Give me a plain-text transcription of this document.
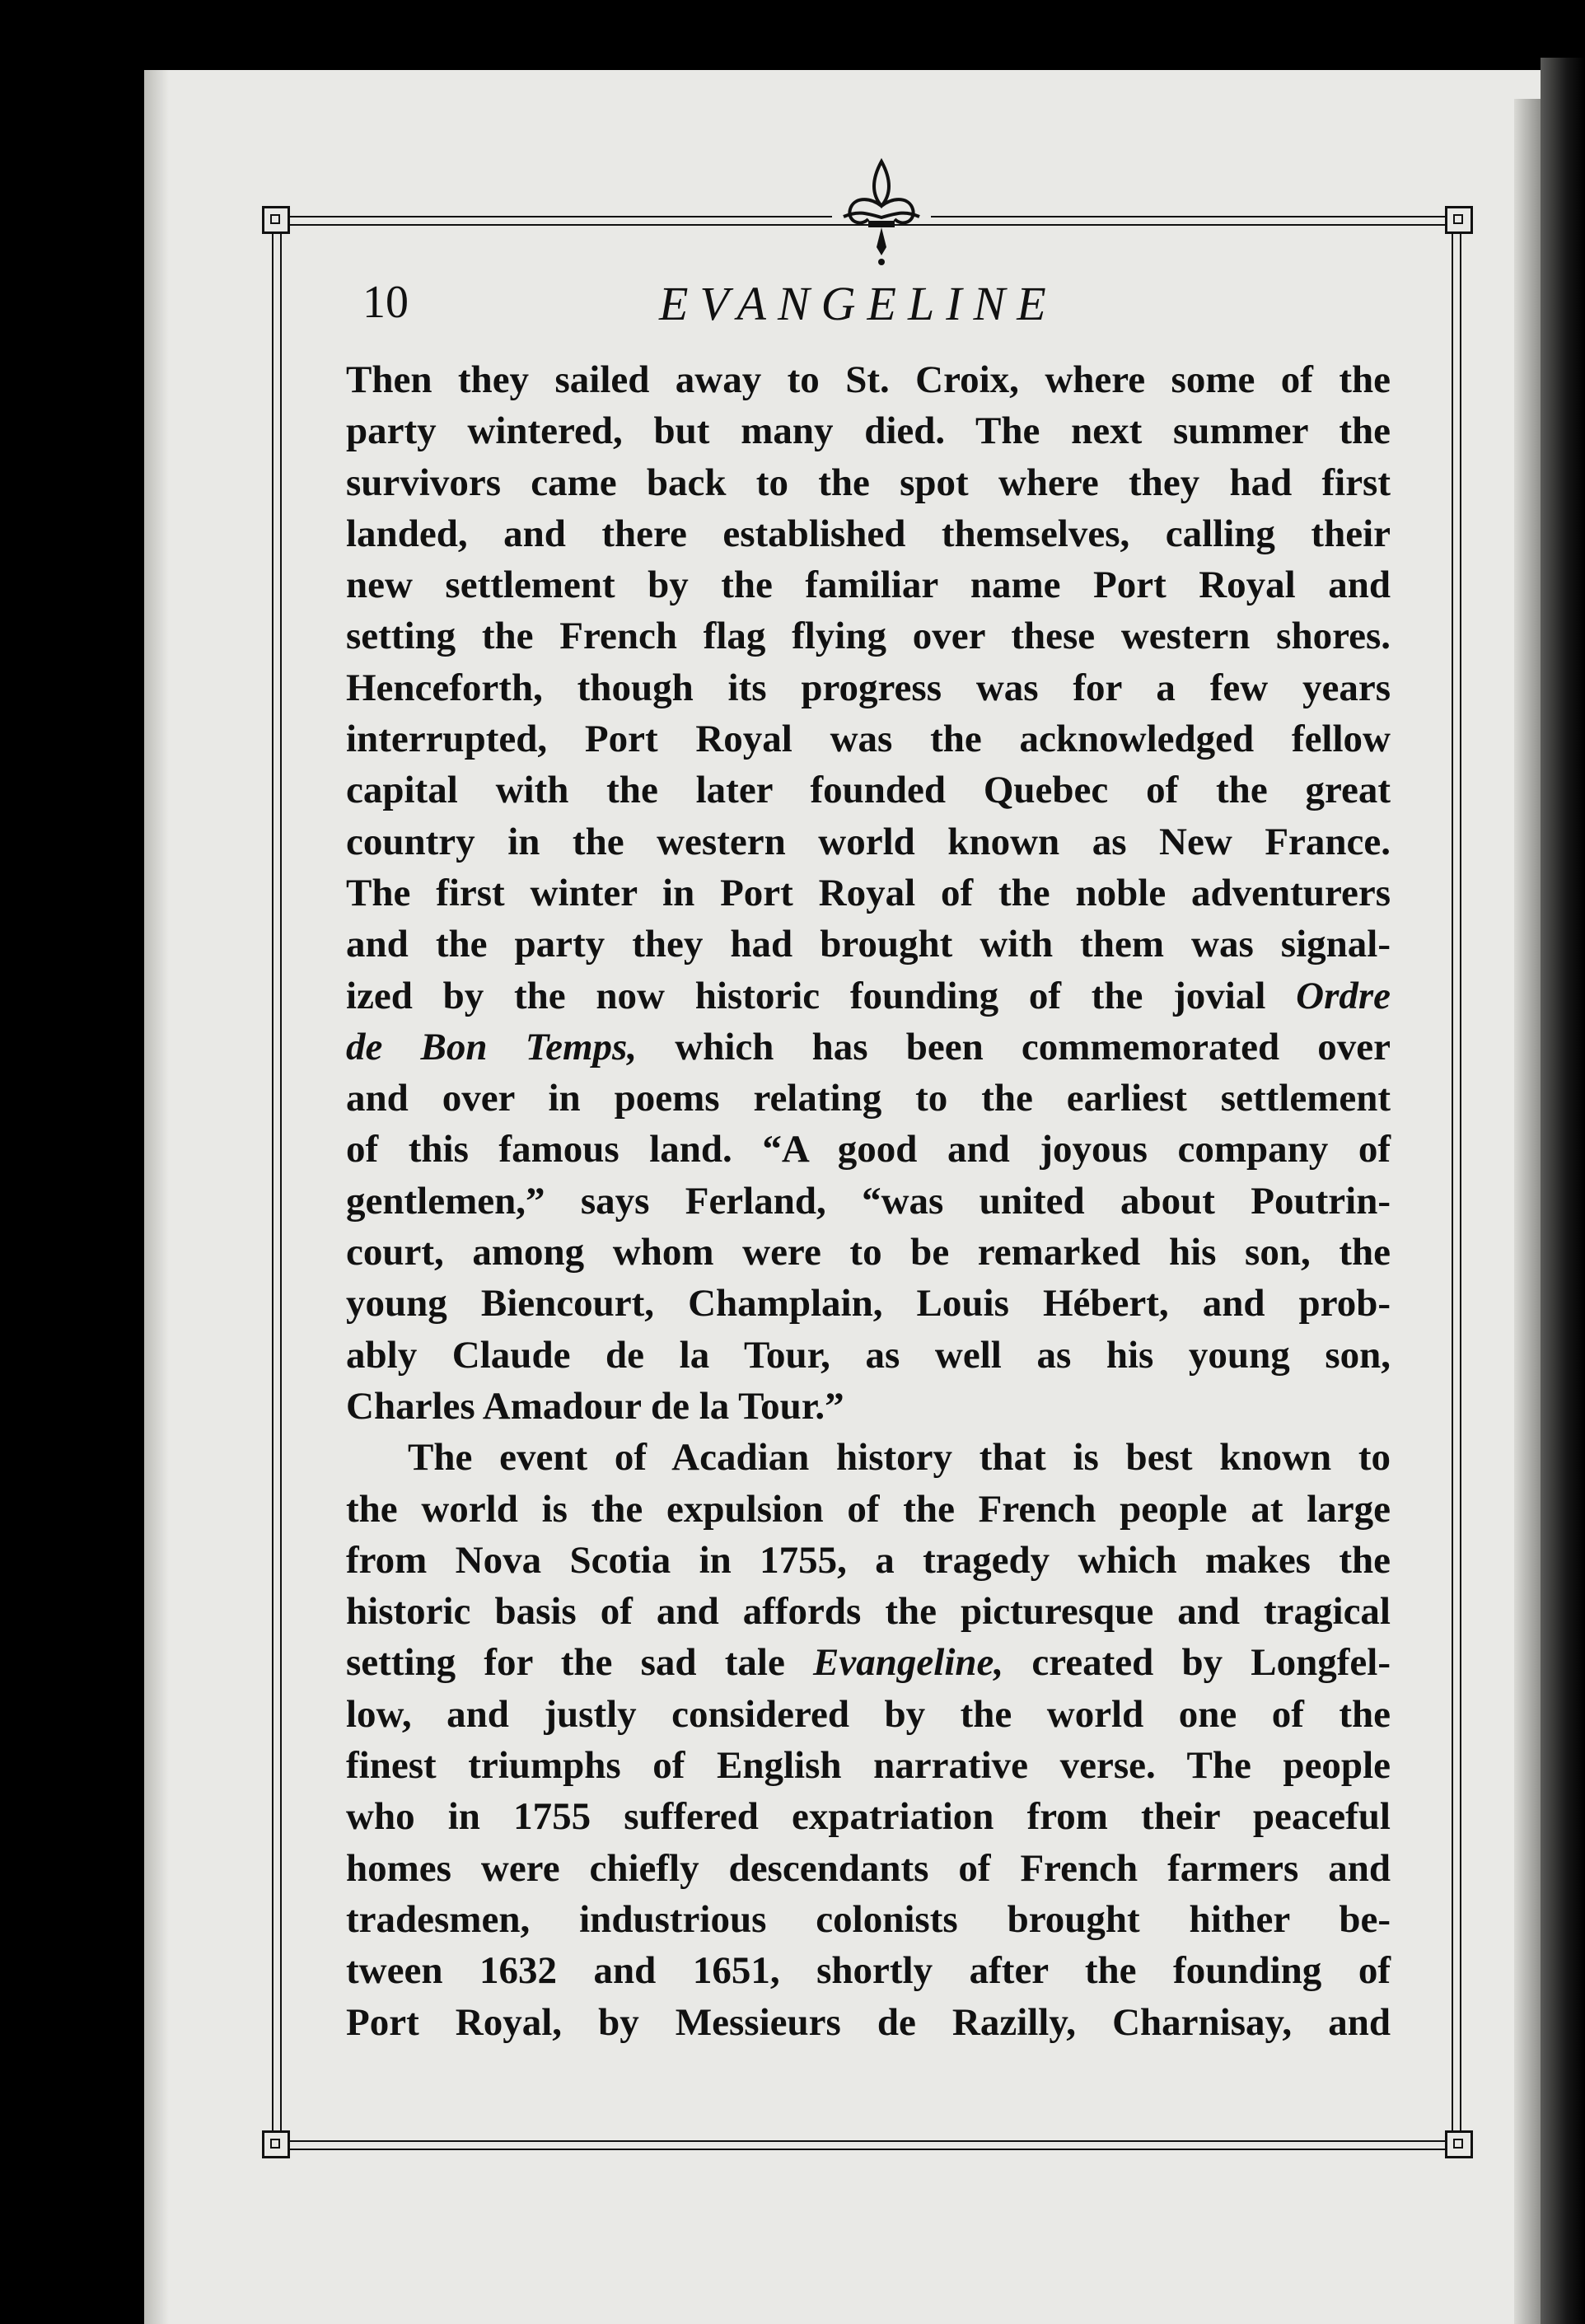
10	EVANGELINE
Then they sailed away to St. Croix, where some of the
party wintered, but many died. The next summer the
survivors came back to the spot where they had first
landed, and there established themselves, calling their
new settlement by the familiar name Port Royal and
setting the French flag flying over these western shores.
Henceforth, though its progress was for a few years
interrupted, Port Royal was the acknowledged fellow
capital with the later founded Quebec of the great
country in the western world known as New France.
The first winter in Port Royal of the noble adventurers
and the party they had brought with them was signal-
ized by the now historic founding of the jovial Ordre
de Bon Temps, which has been commemorated over
and over in poems relating to the earliest settlement
of this famous land. “A good and joyous company of
gentlemen,” says Ferland, “was united about Poutrin-
court, among whom were to be remarked his son, the
young Biencourt, Champlain, Louis Hébert, and prob-
ably Claude de la Tour, as well as his young son,
Charles Amadour de la Tour.”
The event of Acadian history that is best known to
the world is the expulsion of the French people at large
from Nova Scotia in 1755, a tragedy which makes the
historic basis of and affords the picturesque and tragical
setting for the sad tale Evangeline, created by Longfel-
low, and justly considered by the world one of the
finest triumphs of English narrative verse. The people
who in 1755 suffered expatriation from their peaceful
homes were chiefly descendants of French farmers and
tradesmen, industrious colonists brought hither be-
tween 1632 and 1651, shortly after the founding of
Port Royal, by Messieurs de Razilly, Charnisay, and
